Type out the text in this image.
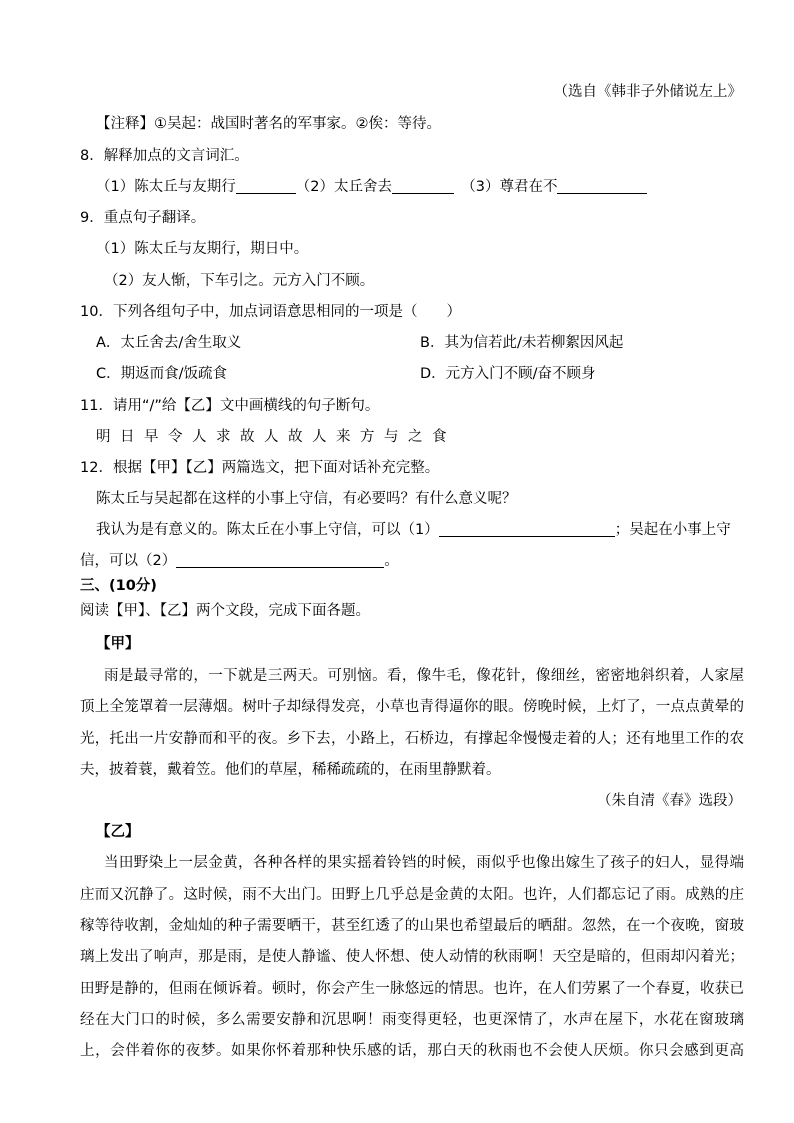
（选自《韩非子外储说左上》
【注释】①吴起：战国时著名的军事家。②俟：等待。
8．解释加点的文言词汇。
（1）陈太丘与友期行	（2）太丘舍去　	（3）尊君在不
9．重点句子翻译。
（1）陈太丘与友期行，期日中。
（2）友人惭，下车引之。元方入门不顾。
10．下列各组句子中，加点词语意思相同的一项是（　　）
A．太丘舍去/舍生取义	B．其为信若此/未若柳絮因风起
C．期返而食/饭疏食	D．元方入门不顾/奋不顾身
11．请用“/”给【乙】文中画横线的句子断句。
明日早令人求故人故人来方与之食
12．根据【甲】【乙】两篇选文，把下面对话补充完整。
陈太丘与吴起都在这样的小事上守信，有必要吗？有什么意义呢？
我认为是有意义的。陈太丘在小事上守信，可以（1）	；吴起在小事上守
信，可以（2）	。
三、(10分)
阅读【甲】、【乙】两个文段，完成下面各题。
【甲】
雨是最寻常的，一下就是三两天。可别恼。看，像牛毛，像花针，像细丝，密密地斜织着，人家屋
顶上全笼罩着一层薄烟。树叶子却绿得发亮，小草也青得逼你的眼。傍晚时候，上灯了，一点点黄晕的
光，托出一片安静而和平的夜。乡下去，小路上，石桥边，有撑起伞慢慢走着的人；还有地里工作的农
夫，披着蓑，戴着笠。他们的草屋，稀稀疏疏的，在雨里静默着。
（朱自清《春》选段）
【乙】
当田野染上一层金黄，各种各样的果实摇着铃铛的时候，雨似乎也像出嫁生了孩子的妇人，显得端
庄而又沉静了。这时候，雨不大出门。田野上几乎总是金黄的太阳。也许，人们都忘记了雨。成熟的庄
稼等待收割，金灿灿的种子需要晒干，甚至红透了的山果也希望最后的晒甜。忽然，在一个夜晚，窗玻
璃上发出了响声，那是雨，是使人静谧、使人怀想、使人动情的秋雨啊！天空是暗的，但雨却闪着光；
田野是静的，但雨在倾诉着。顿时，你会产生一脉悠远的情思。也许，在人们劳累了一个春夏，收获已
经在大门口的时候，多么需要安静和沉思啊！雨变得更轻，也更深情了，水声在屋下，水花在窗玻璃
上，会伴着你的夜梦。如果你怀着那种快乐感的话，那白天的秋雨也不会使人厌烦。你只会感到更高
